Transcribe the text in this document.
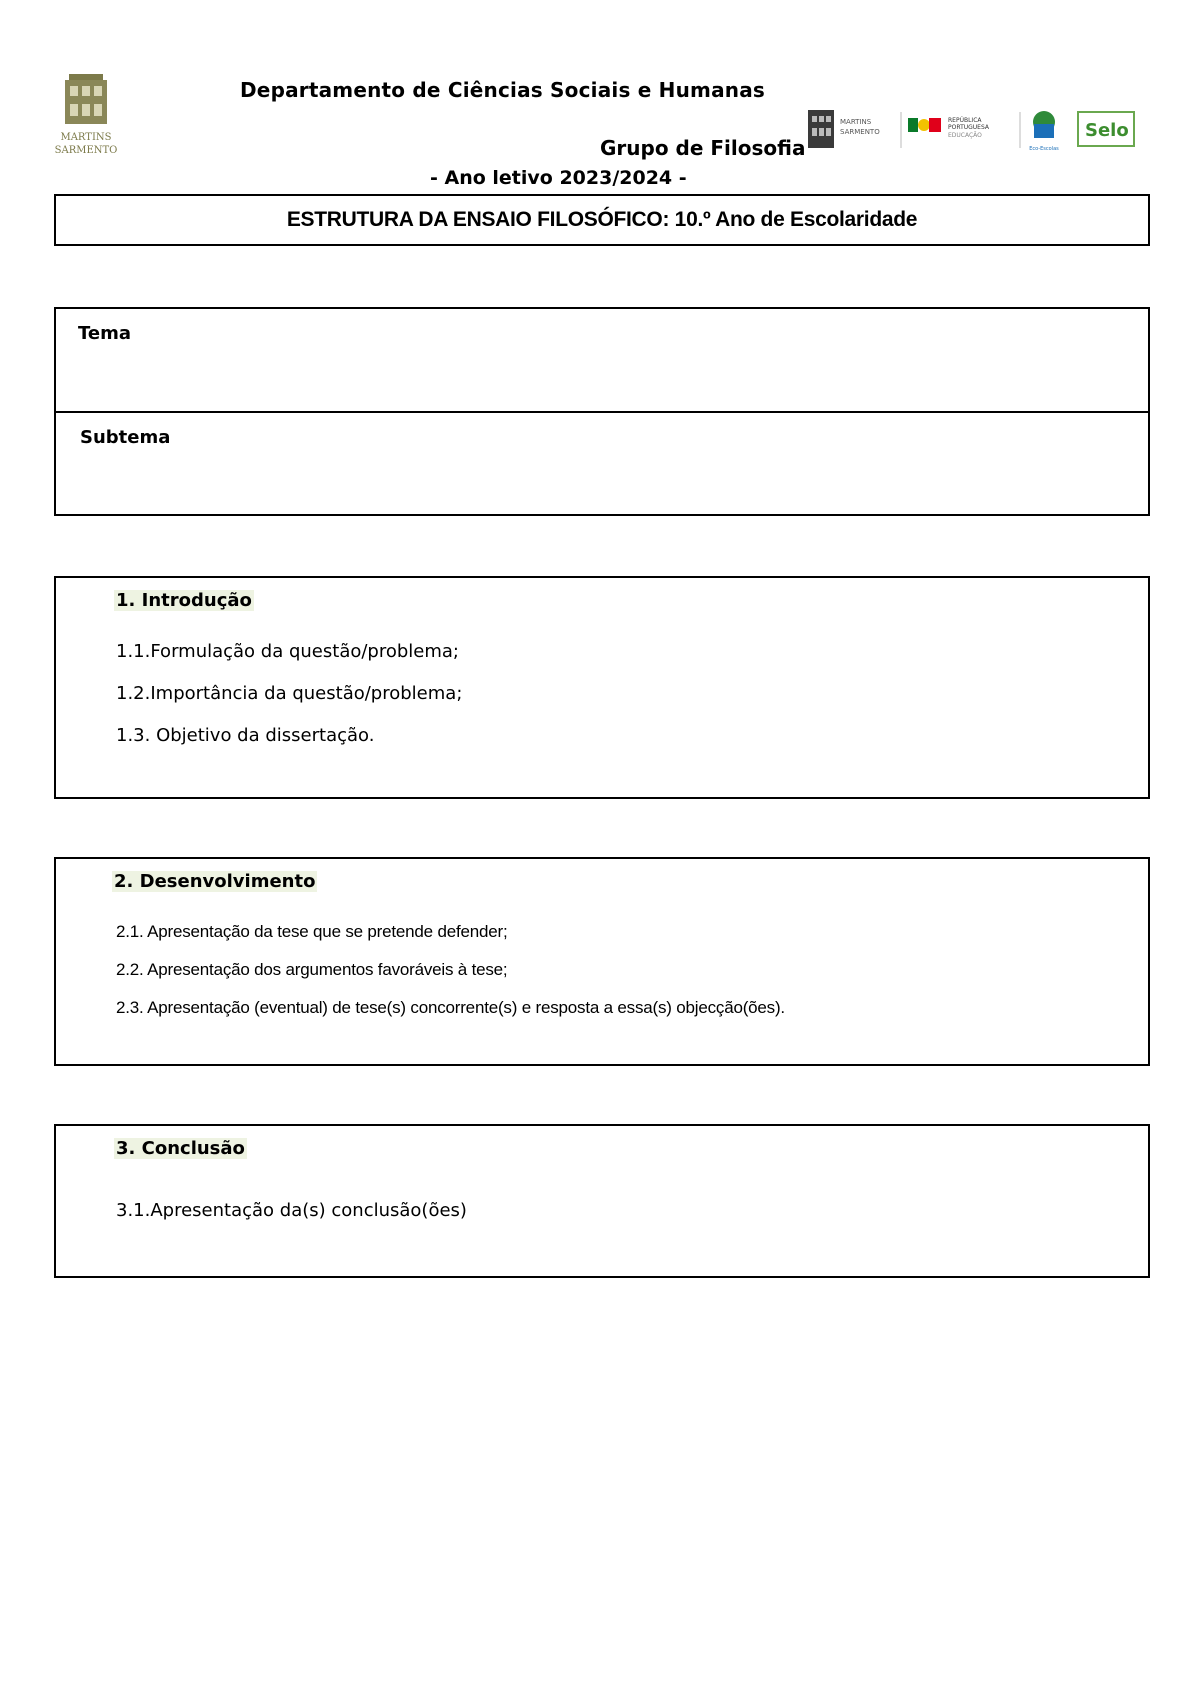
MARTINS
SARMENTO
Departamento de Ciências Sociais e Humanas
Grupo de Filosofia
- Ano letivo 2023/2024 -
MARTINS
SARMENTO
REPÚBLICA
PORTUGUESA
EDUCAÇÃO
Eco-Escolas
Selo
ESTRUTURA DA ENSAIO FILOSÓFICO: 10.º Ano de Escolaridade
Tema
Subtema
1. Introdução
1.1.Formulação da questão/problema;
1.2.Importância da questão/problema;
1.3. Objetivo da dissertação.
2. Desenvolvimento
2.1. Apresentação da tese que se pretende defender;
2.2. Apresentação dos argumentos favoráveis à tese;
2.3. Apresentação (eventual) de tese(s) concorrente(s) e resposta a essa(s) objecção(ões).
3. Conclusão
3.1.Apresentação da(s) conclusão(ões)
